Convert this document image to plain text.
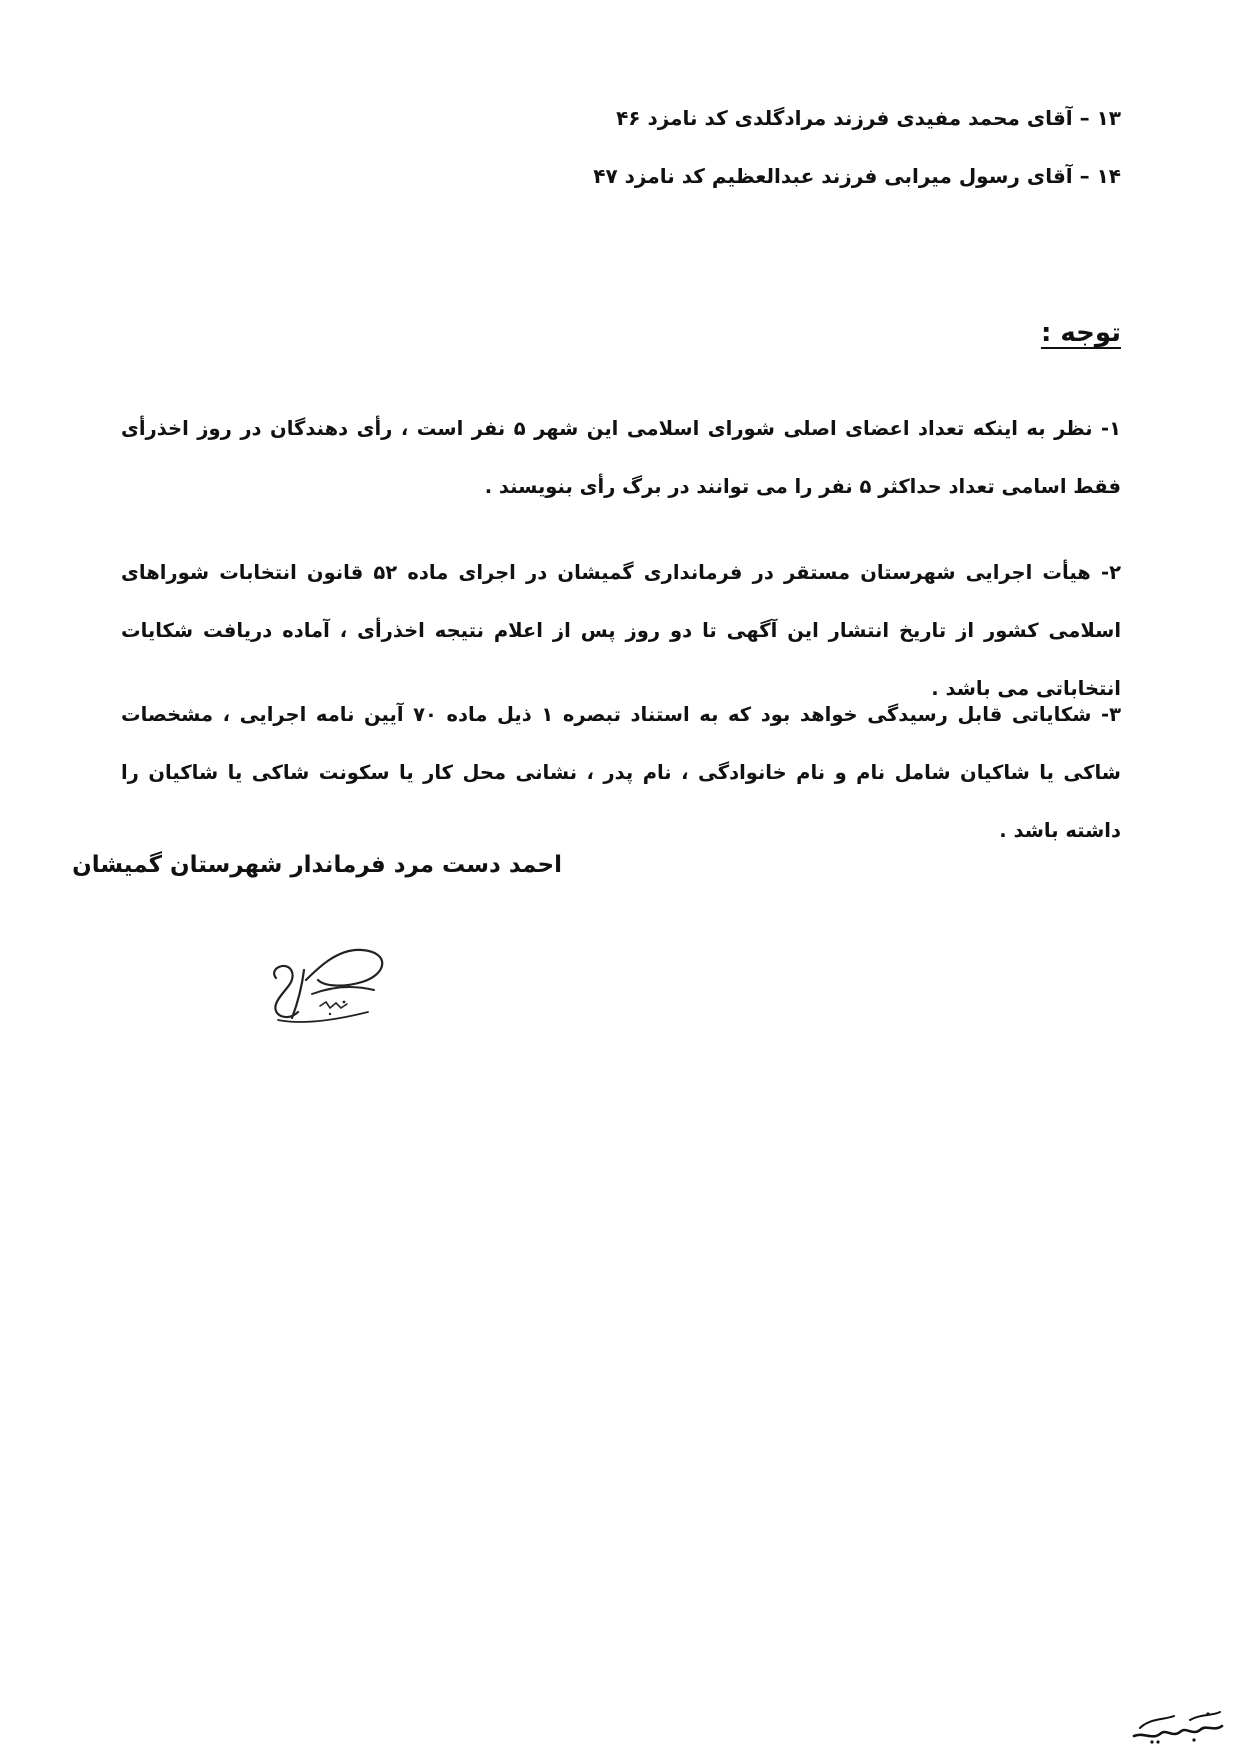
۱۳ – آقای محمد مفیدی فرزند مرادگلدی کد نامزد ۴۶
۱۴ – آقای رسول میرابی فرزند عبدالعظیم کد نامزد ۴۷
توجه :
۱- نظر به اینکه تعداد اعضای اصلی شورای اسلامی این شهر ۵ نفر است ، رأی دهندگان در روز اخذرأی فقط اسامی تعداد حداکثر ۵ نفر را می توانند در برگ رأی بنویسند .
۲- هیأت اجرایی شهرستان مستقر در فرمانداری گمیشان در اجرای ماده ۵۲ قانون انتخابات شوراهای اسلامی کشور از تاریخ انتشار این آگهی تا دو روز پس از اعلام نتیجه اخذرأی ، آماده دریافت شکایات انتخاباتی می باشد .
۳- شکایاتی قابل رسیدگی خواهد بود که به استناد تبصره ۱ ذیل ماده ۷۰ آیین نامه اجرایی ، مشخصات شاکی یا شاکیان شامل نام و نام خانوادگی ، نام پدر ، نشانی محل کار یا سکونت شاکی یا شاکیان را داشته باشد .
احمد دست مرد فرماندار شهرستان گمیشان
